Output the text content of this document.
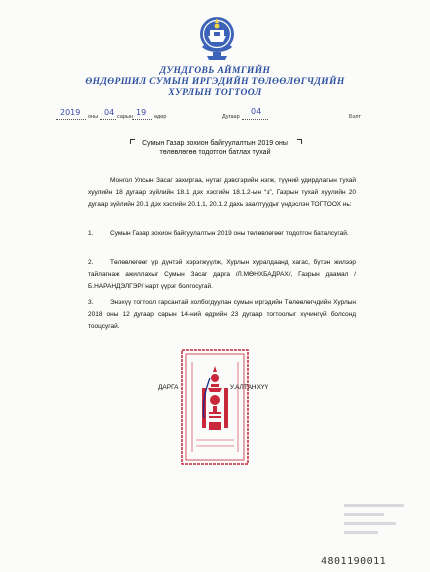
ДУНДГОВЬ АЙМГИЙН
ӨНДӨРШИЛ СУМЫН ИРГЭДИЙН ТӨЛӨӨЛӨГЧДИЙН
ХУРЛЫН ТОГТООЛ
2019 оны 04 сарын 19 өдөр	Дугаар
04
Бэлт
Сумын Газар зохион байгуулалтын 2019 оны
төлөвлөгөө тодотгон батлах тухай
Монгол Улсын Засаг захиргаа, нутаг дэвсгэрийн нэгж, түүний удирдлагын тухай хуулийн 18 дугаар зүйлийн 18.1 дэх хэсгийн 18.1.2-ын “з”, Газрын тухай хуулийн 20 дугаар зүйлийн 20.1 дэх хэсгийн 20.1.1, 20.1.2 дахь заалтуудыг үндэслэн ТОГТООХ нь:
1.	Сумын Газар зохион байгуулалтын 2019 оны төлөвлөгөөг тодотгон баталсугай.
2.	Төлөвлөгөөг үр дүнтэй хэрэгжүүлж, Хурлын хуралдаанд хагас, бүтэн жилээр тайлагнаж ажиллахыг Сумын Засаг дарга /Л.МӨНХБАДРАХ/, Газрын даамал /Б.НАРАНДЭЛГЭР/ нарт үүрэг болгосугай.
3.	Энэхүү тогтоол гарсантай холбогдуулан сумын иргэдийн Төлөөлөгчдийн Хурлын 2018 оны 12 дугаар сарын 14-ний өдрийн 23 дугаар тогтоолыг хүчингүй болсонд тооцсугай.
ДАРГА	У.АЛТАНХҮҮ
4801190011
